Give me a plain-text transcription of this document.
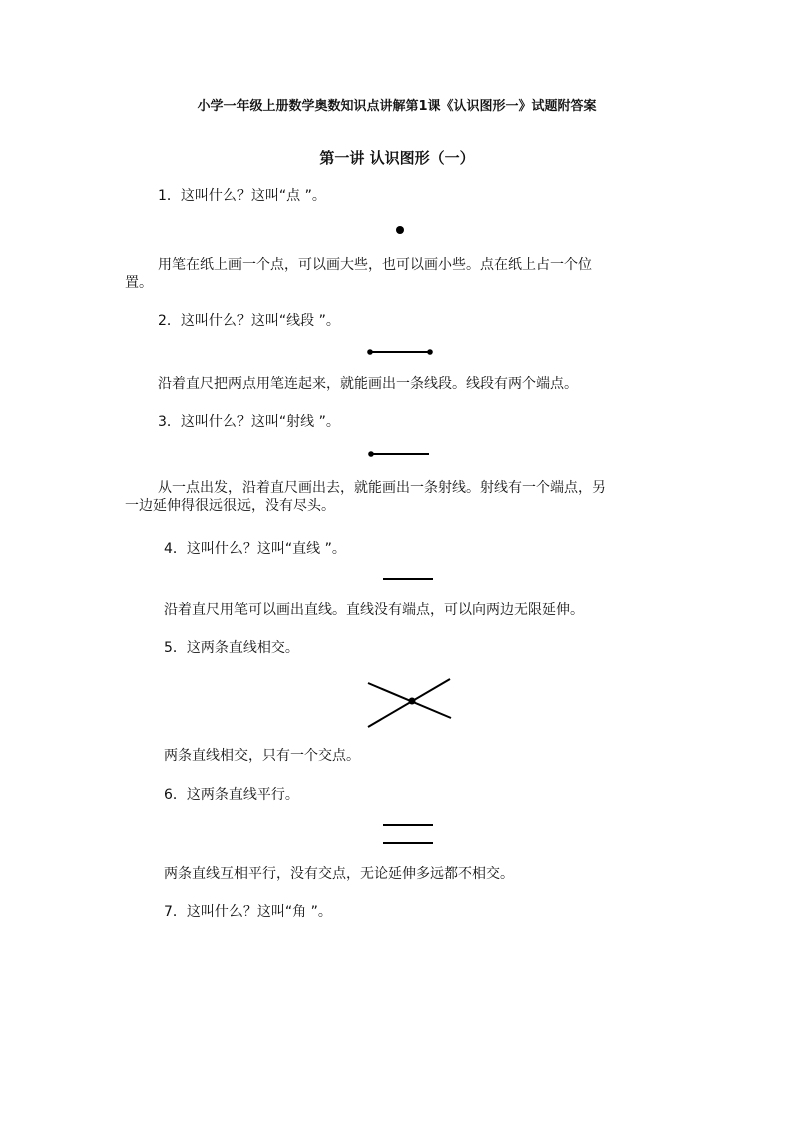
小学一年级上册数学奥数知识点讲解第1课《认识图形一》试题附答案
第一讲 认识图形（一）
1．这叫什么？这叫“点 ”。
用笔在纸上画一个点，可以画大些，也可以画小些。点在纸上占一个位
置。
2．这叫什么？这叫“线段 ”。
沿着直尺把两点用笔连起来，就能画出一条线段。线段有两个端点。
3．这叫什么？这叫“射线 ”。
从一点出发，沿着直尺画出去，就能画出一条射线。射线有一个端点，另
一边延伸得很远很远，没有尽头。
4．这叫什么？这叫“直线 ”。
沿着直尺用笔可以画出直线。直线没有端点，可以向两边无限延伸。
5．这两条直线相交。
两条直线相交，只有一个交点。
6．这两条直线平行。
两条直线互相平行，没有交点，无论延伸多远都不相交。
7．这叫什么？这叫“角 ”。
